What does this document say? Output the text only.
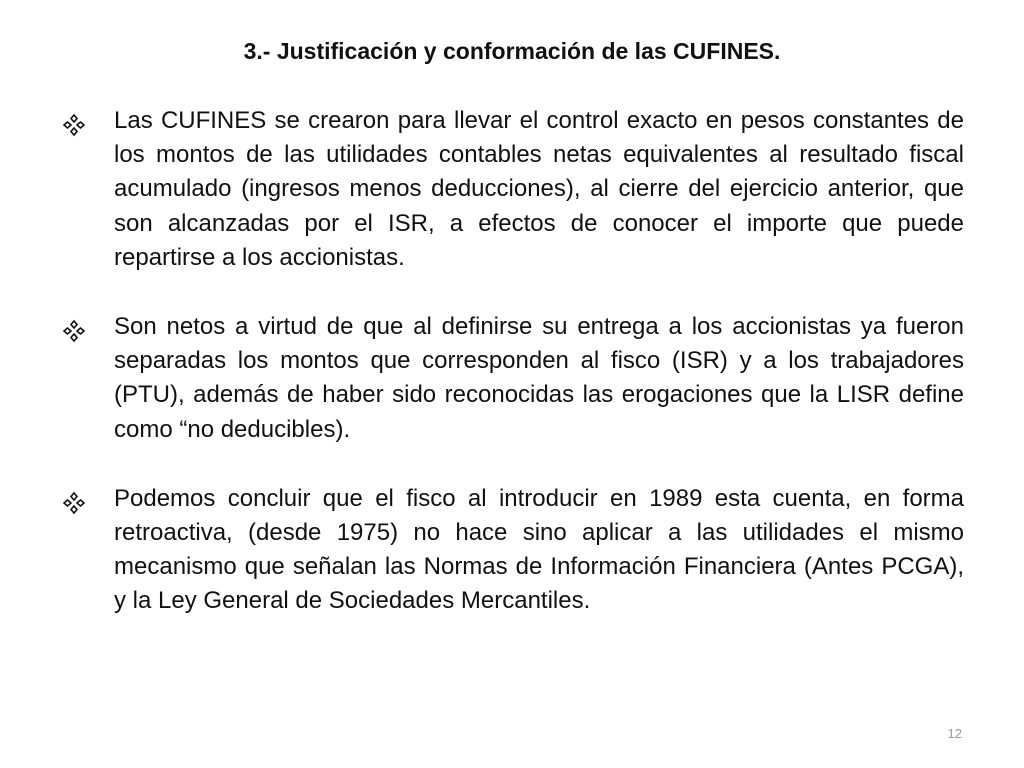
3.- Justificación y conformación de las CUFINES.
Las CUFINES se crearon para llevar el control exacto en pesos constantes de los montos de las utilidades contables netas equivalentes al resultado fiscal acumulado (ingresos menos deducciones), al cierre del ejercicio anterior, que son alcanzadas por el ISR, a efectos de conocer el importe que puede repartirse a los accionistas.
Son netos a virtud de que al definirse su entrega a los accionistas ya fueron separadas los montos que corresponden al fisco (ISR) y a los trabajadores (PTU), además de haber sido reconocidas las erogaciones que la LISR define como “no deducibles).
Podemos concluir que el fisco al introducir en 1989 esta cuenta, en forma retroactiva, (desde 1975) no hace sino aplicar a las utilidades el mismo mecanismo que señalan las Normas de Información Financiera (Antes PCGA), y la Ley General de Sociedades Mercantiles.
12
